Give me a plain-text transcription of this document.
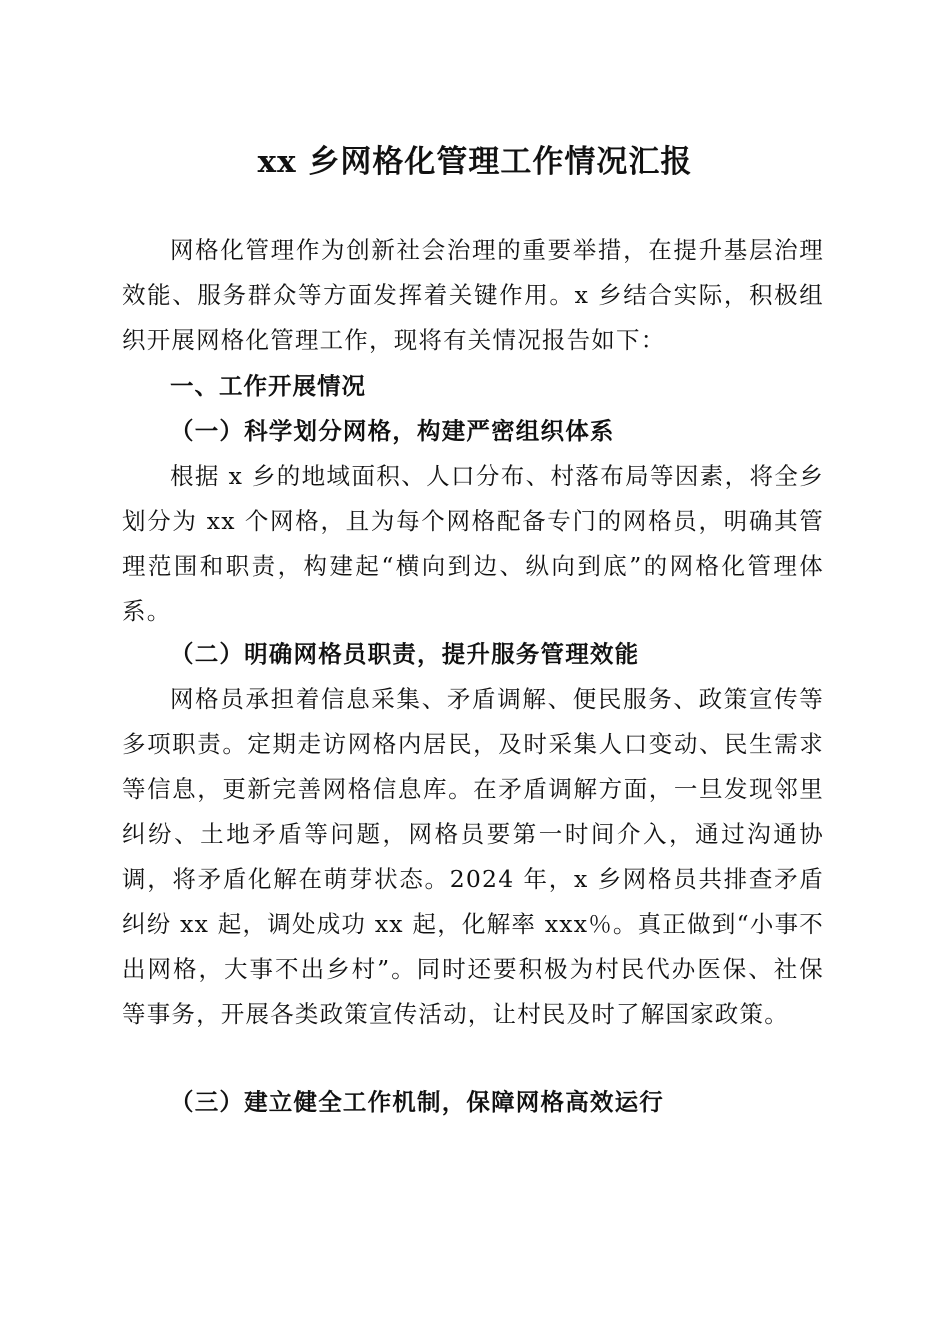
xx 乡网格化管理工作情况汇报

网格化管理作为创新社会治理的重要举措，在提升基层治理效能、服务群众等方面发挥着关键作用。x 乡结合实际，积极组织开展网格化管理工作，现将有关情况报告如下：

一、工作开展情况
（一）科学划分网格，构建严密组织体系

根据 x 乡的地域面积、人口分布、村落布局等因素，将全乡划分为 xx 个网格，且为每个网格配备专门的网格员，明确其管理范围和职责，构建起“横向到边、纵向到底”的网格化管理体系。

（二）明确网格员职责，提升服务管理效能

网格员承担着信息采集、矛盾调解、便民服务、政策宣传等多项职责。定期走访网格内居民，及时采集人口变动、民生需求等信息，更新完善网格信息库。在矛盾调解方面，一旦发现邻里纠纷、土地矛盾等问题，网格员要第一时间介入，通过沟通协调，将矛盾化解在萌芽状态。2024 年，x 乡网格员共排查矛盾纠纷 xx 起，调处成功 xx 起，化解率 xxx％。真正做到“小事不出网格，大事不出乡村”。同时还要积极为村民代办医保、社保等事务，开展各类政策宣传活动，让村民及时了解国家政策。

（三）建立健全工作机制，保障网格高效运行
